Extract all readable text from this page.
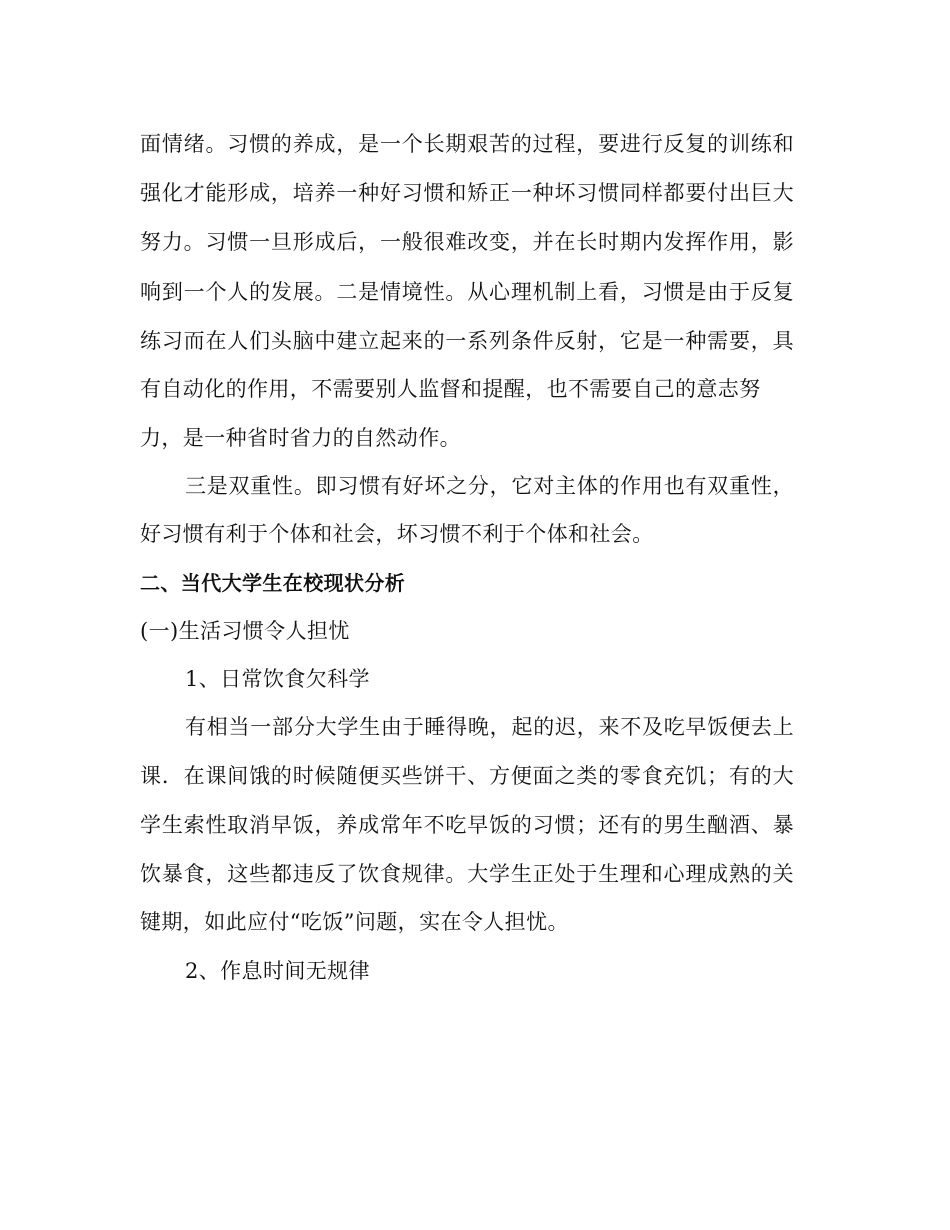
面情绪。习惯的养成，是一个长期艰苦的过程，要进行反复的训练和
强化才能形成，培养一种好习惯和矫正一种坏习惯同样都要付出巨大
努力。习惯一旦形成后，一般很难改变，并在长时期内发挥作用，影
响到一个人的发展。二是情境性。从心理机制上看，习惯是由于反复
练习而在人们头脑中建立起来的一系列条件反射，它是一种需要，具
有自动化的作用，不需要别人监督和提醒，也不需要自己的意志努
力，是一种省时省力的自然动作。
三是双重性。即习惯有好坏之分，它对主体的作用也有双重性，
好习惯有利于个体和社会，坏习惯不利于个体和社会。
二、当代大学生在校现状分析
(一)生活习惯令人担忧
1、日常饮食欠科学
有相当一部分大学生由于睡得晚，起的迟，来不及吃早饭便去上
课．在课间饿的时候随便买些饼干、方便面之类的零食充饥；有的大
学生索性取消早饭，养成常年不吃早饭的习惯；还有的男生酗酒、暴
饮暴食，这些都违反了饮食规律。大学生正处于生理和心理成熟的关
键期，如此应付“吃饭”问题，实在令人担忧。
2、作息时间无规律
